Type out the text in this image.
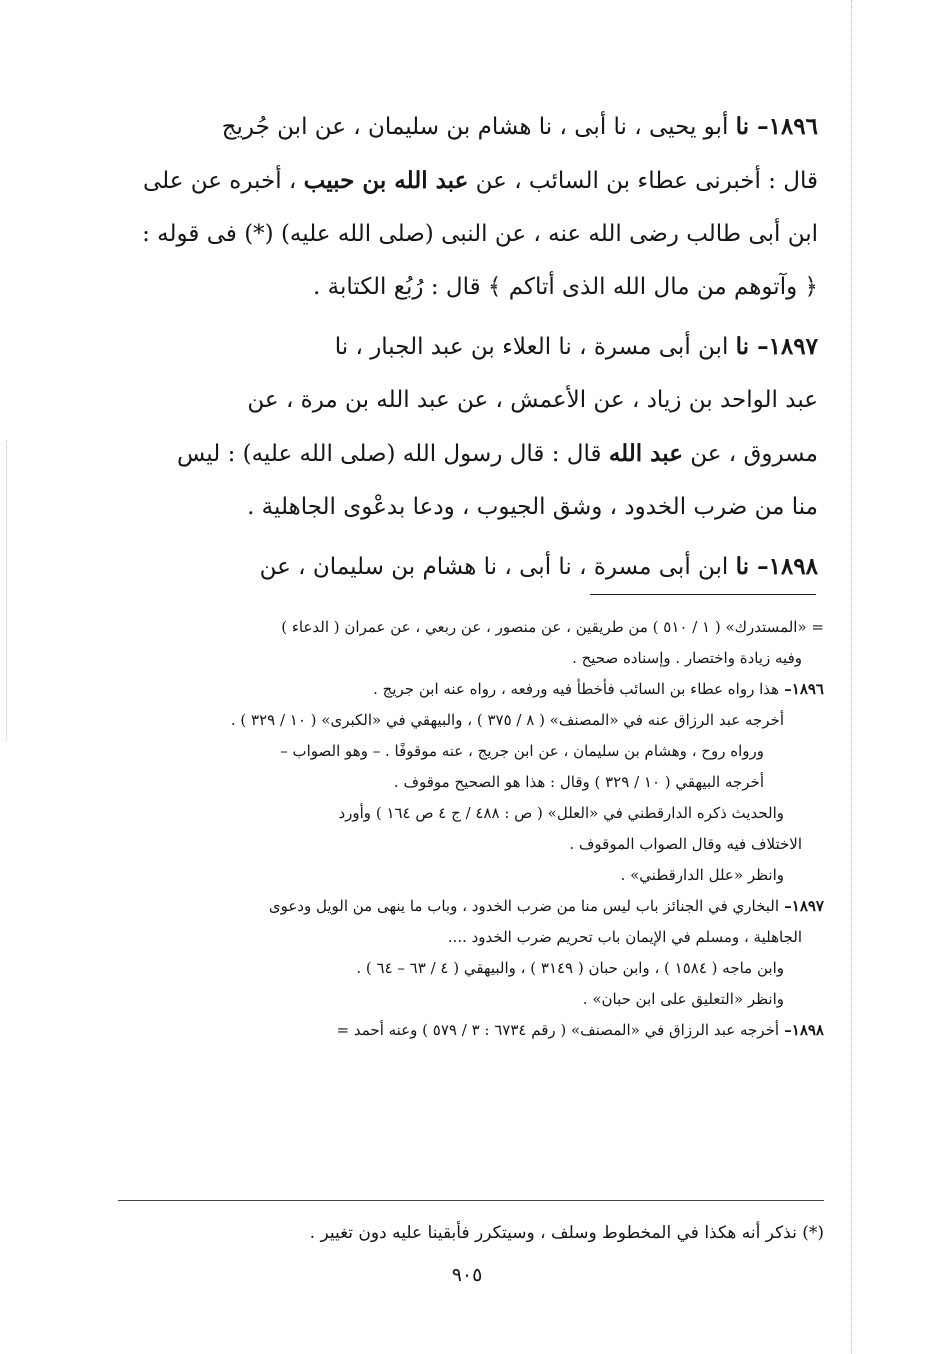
١٨٩٦– نا أبو يحيى ، نا أبى ، نا هشام بن سليمان ، عن ابن جُريج
قال : أخبرنى عطاء بن السائب ، عن عبد الله بن حبيب ، أخبره عن على
ابن أبى طالب رضى الله عنه ، عن النبى (صلى الله عليه) (*) فى قوله :
﴿ وآتوهم من مال الله الذى أتاكم ﴾ قال : رُبُع الكتابة .
١٨٩٧– نا ابن أبى مسرة ، نا العلاء بن عبد الجبار ، نا
عبد الواحد بن زياد ، عن الأعمش ، عن عبد الله بن مرة ، عن
مسروق ، عن عبد الله قال : قال رسول الله (صلى الله عليه) : ليس
منا من ضرب الخدود ، وشق الجيوب ، ودعا بدعْوى الجاهلية .
١٨٩٨– نا ابن أبى مسرة ، نا أبى ، نا هشام بن سليمان ، عن
= «المستدرك» ( ١ / ٥١٠ ) من طريقين ، عن منصور ، عن ربعي ، عن عمران ( الدعاء )
وفيه زيادة واختصار . وإسناده صحيح .
١٨٩٦– هذا رواه عطاء بن السائب فأخطأ فيه ورفعه ، رواه عنه ابن جريج .
أخرجه عبد الرزاق عنه في «المصنف» ( ٨ / ٣٧٥ ) ، والبيهقي في «الكبرى» ( ١٠ / ٣٢٩ ) .
ورواه روح ، وهشام بن سليمان ، عن ابن جريج ، عنه موقوفًا . – وهو الصواب –
أخرجه البيهقي ( ١٠ / ٣٢٩ ) وقال : هذا هو الصحيح موقوف .
والحديث ذكره الدارقطني في «العلل» ( ص : ٤٨٨ / ج ٤ ص ١٦٤ ) وأورد
الاختلاف فيه وقال الصواب الموقوف .
وانظر «علل الدارقطني» .
١٨٩٧– البخاري في الجنائز باب ليس منا من ضرب الخدود ، وباب ما ينهى من الويل ودعوى
الجاهلية ، ومسلم في الإيمان باب تحريم ضرب الخدود ....
وابن ماجه ( ١٥٨٤ ) ، وابن حبان ( ٣١٤٩ ) ، والبيهقي ( ٤ / ٦٣ – ٦٤ ) .
وانظر «التعليق على ابن حبان» .
١٨٩٨– أخرجه عبد الرزاق في «المصنف» ( رقم ٦٧٣٤ : ٣ / ٥٧٩ ) وعنه أحمد =
(*) نذكر أنه هكذا في المخطوط وسلف ، وسيتكرر فأبقينا عليه دون تغيير .
٩٠٥
